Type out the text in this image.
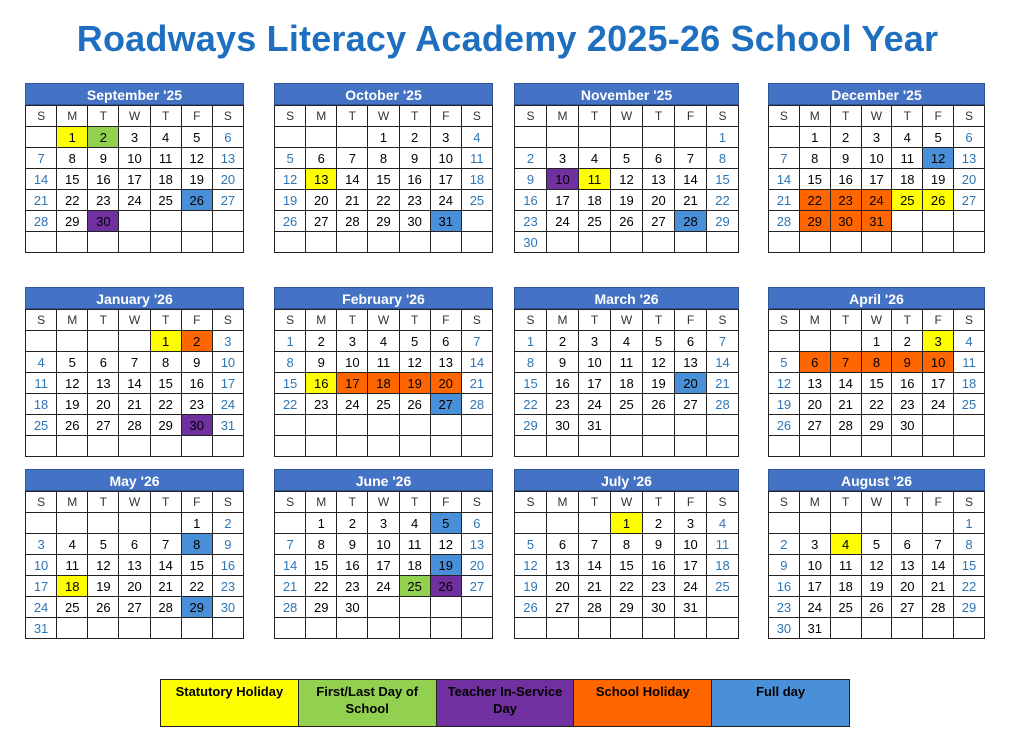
Roadways Literacy Academy 2025-26 School Year
September '25
S	M	T	W	T	F	S
	1	2	3	4	5	6
7	8	9	10	11	12	13
14	15	16	17	18	19	20
21	22	23	24	25	26	27
28	29	30				

October '25
S	M	T	W	T	F	S
			1	2	3	4
5	6	7	8	9	10	11
12	13	14	15	16	17	18
19	20	21	22	23	24	25
26	27	28	29	30	31	

November '25
S	M	T	W	T	F	S
						1
2	3	4	5	6	7	8
9	10	11	12	13	14	15
16	17	18	19	20	21	22
23	24	25	26	27	28	29
30						
December '25
S	M	T	W	T	F	S
	1	2	3	4	5	6
7	8	9	10	11	12	13
14	15	16	17	18	19	20
21	22	23	24	25	26	27
28	29	30	31			

January '26
S	M	T	W	T	F	S
				1	2	3
4	5	6	7	8	9	10
11	12	13	14	15	16	17
18	19	20	21	22	23	24
25	26	27	28	29	30	31

February '26
S	M	T	W	T	F	S
1	2	3	4	5	6	7
8	9	10	11	12	13	14
15	16	17	18	19	20	21
22	23	24	25	26	27	28

March '26
S	M	T	W	T	F	S
1	2	3	4	5	6	7
8	9	10	11	12	13	14
15	16	17	18	19	20	21
22	23	24	25	26	27	28
29	30	31				

April '26
S	M	T	W	T	F	S
			1	2	3	4
5	6	7	8	9	10	11
12	13	14	15	16	17	18
19	20	21	22	23	24	25
26	27	28	29	30		

May '26
S	M	T	W	T	F	S
					1	2
3	4	5	6	7	8	9
10	11	12	13	14	15	16
17	18	19	20	21	22	23
24	25	26	27	28	29	30
31						
June '26
S	M	T	W	T	F	S
	1	2	3	4	5	6
7	8	9	10	11	12	13
14	15	16	17	18	19	20
21	22	23	24	25	26	27
28	29	30				

July '26
S	M	T	W	T	F	S
			1	2	3	4
5	6	7	8	9	10	11
12	13	14	15	16	17	18
19	20	21	22	23	24	25
26	27	28	29	30	31	

August '26
S	M	T	W	T	F	S
						1
2	3	4	5	6	7	8
9	10	11	12	13	14	15
16	17	18	19	20	21	22
23	24	25	26	27	28	29
30	31					
Statutory Holiday	First/Last Day of School
Teacher In-Service Day
School Holiday	Full day
